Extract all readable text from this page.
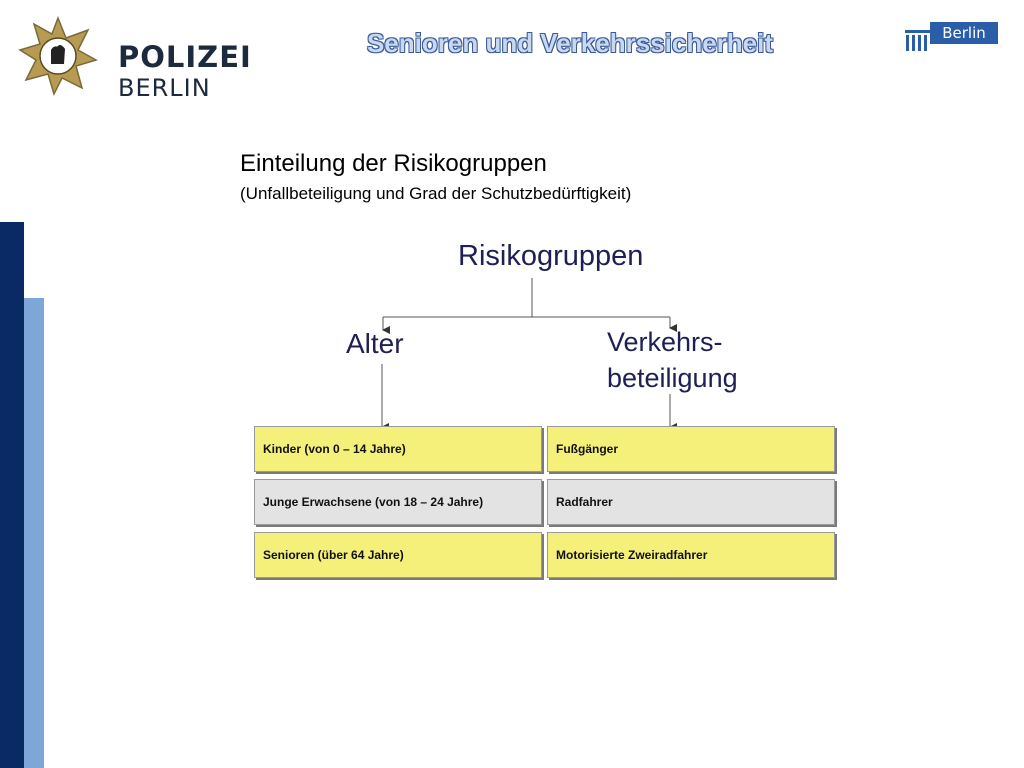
POLIZEI
BERLIN
Senioren und Verkehrssicherheit	Berlin
Einteilung der Risikogruppen
(Unfallbeteiligung und Grad der Schutzbedürftigkeit)
Risikogruppen
Alter	Verkehrs-
beteiligung
Kinder (von 0 – 14 Jahre)
Junge Erwachsene (von 18 – 24 Jahre)
Senioren (über 64 Jahre)
Fußgänger
Radfahrer
Motorisierte Zweiradfahrer
